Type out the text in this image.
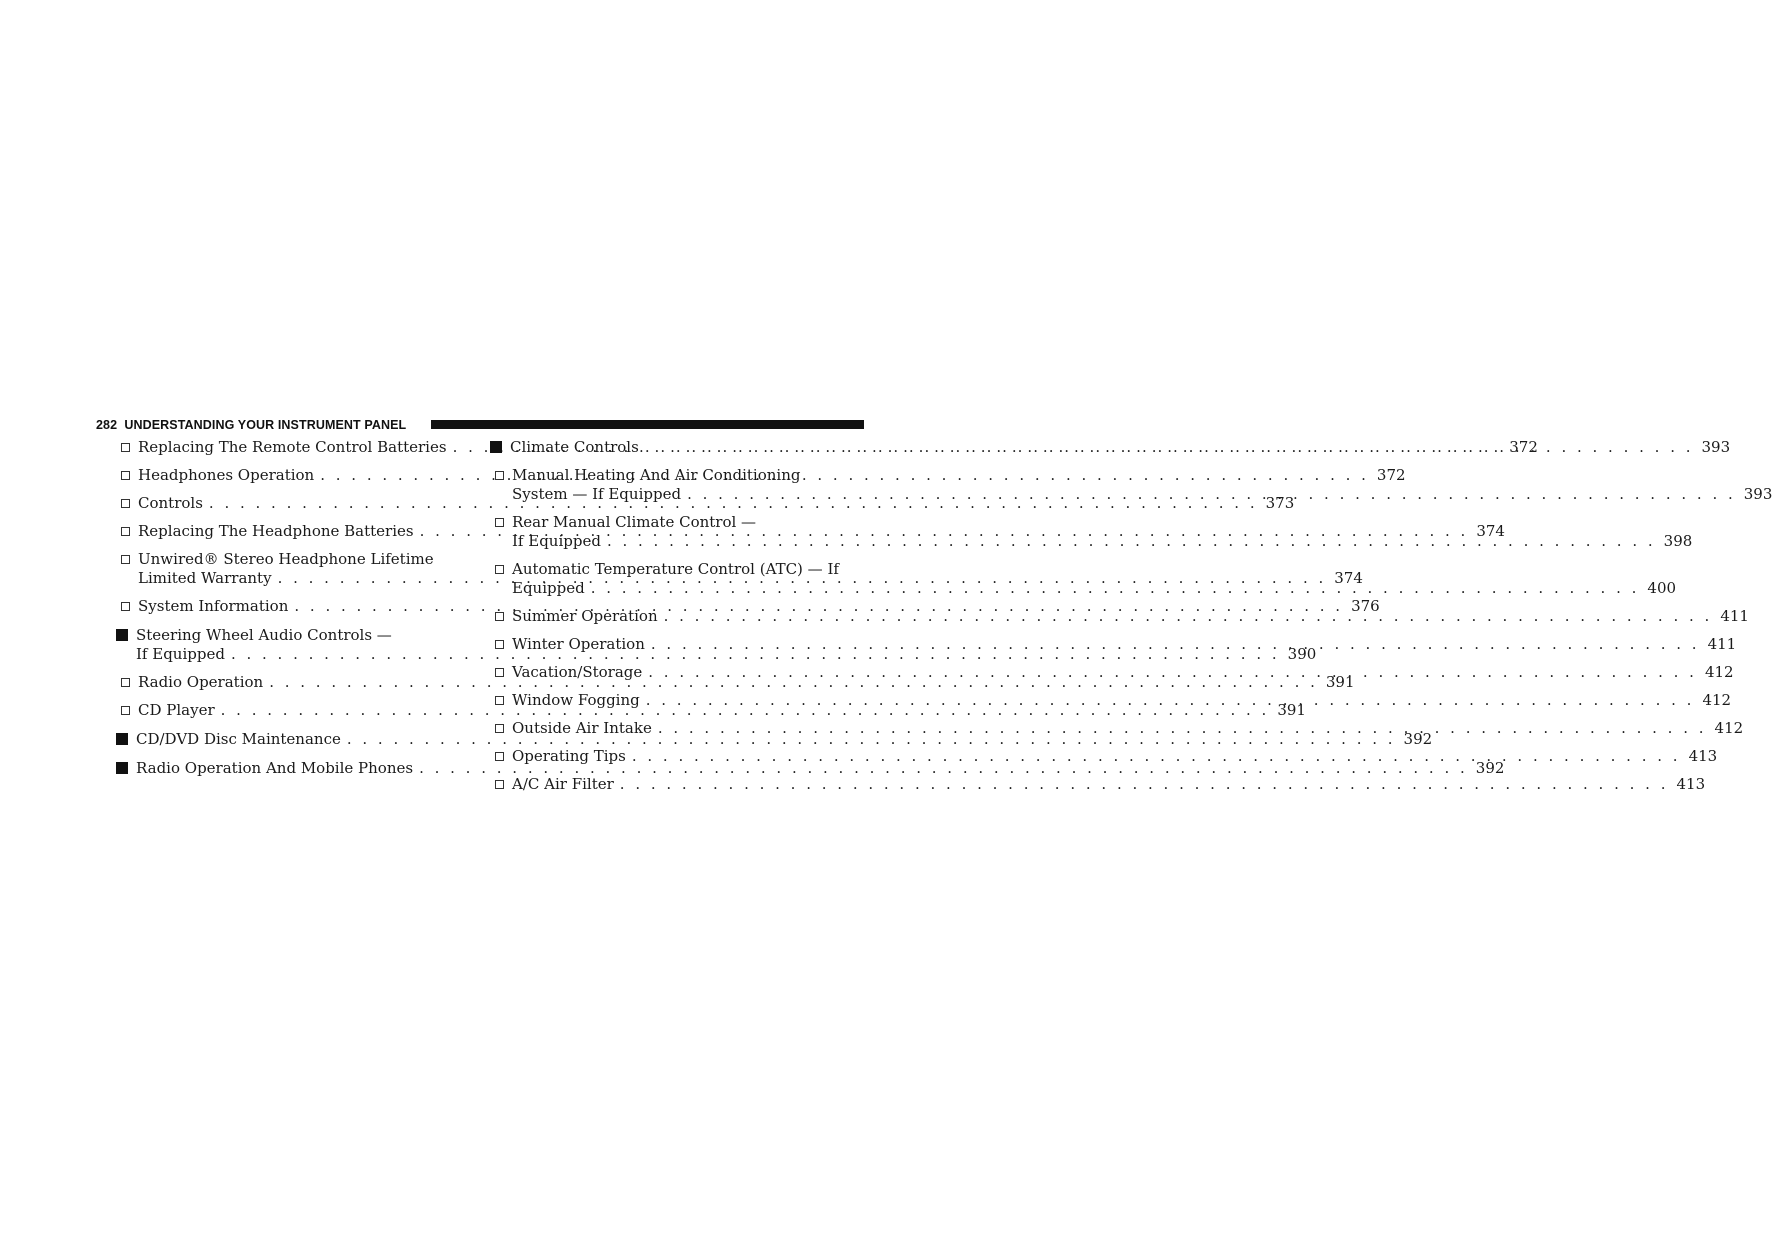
282 UNDERSTANDING YOUR INSTRUMENT PANEL
Replacing The Remote Control Batteries . . .	372
Headphones Operation . . .	372
Controls . . .	373
Replacing The Headphone Batteries . . .	374
Unwired® Stereo Headphone Lifetime
Limited Warranty . . .	374
System Information . . .	376
Steering Wheel Audio Controls —
If Equipped . . .	390
Radio Operation . . .	391
CD Player . . .	391
CD/DVD Disc Maintenance . . .	392
Radio Operation And Mobile Phones . . .	392
Climate Controls . . .	393
Manual Heating And Air Conditioning
System — If Equipped . . .	393
Rear Manual Climate Control —
If Equipped . . .	398
Automatic Temperature Control (ATC) — If
Equipped . . .	400
Summer Operation . . .	411
Winter Operation . . .	411
Vacation/Storage . . .	412
Window Fogging . . .	412
Outside Air Intake . . .	412
Operating Tips . . .	413
A/C Air Filter . . .	413
